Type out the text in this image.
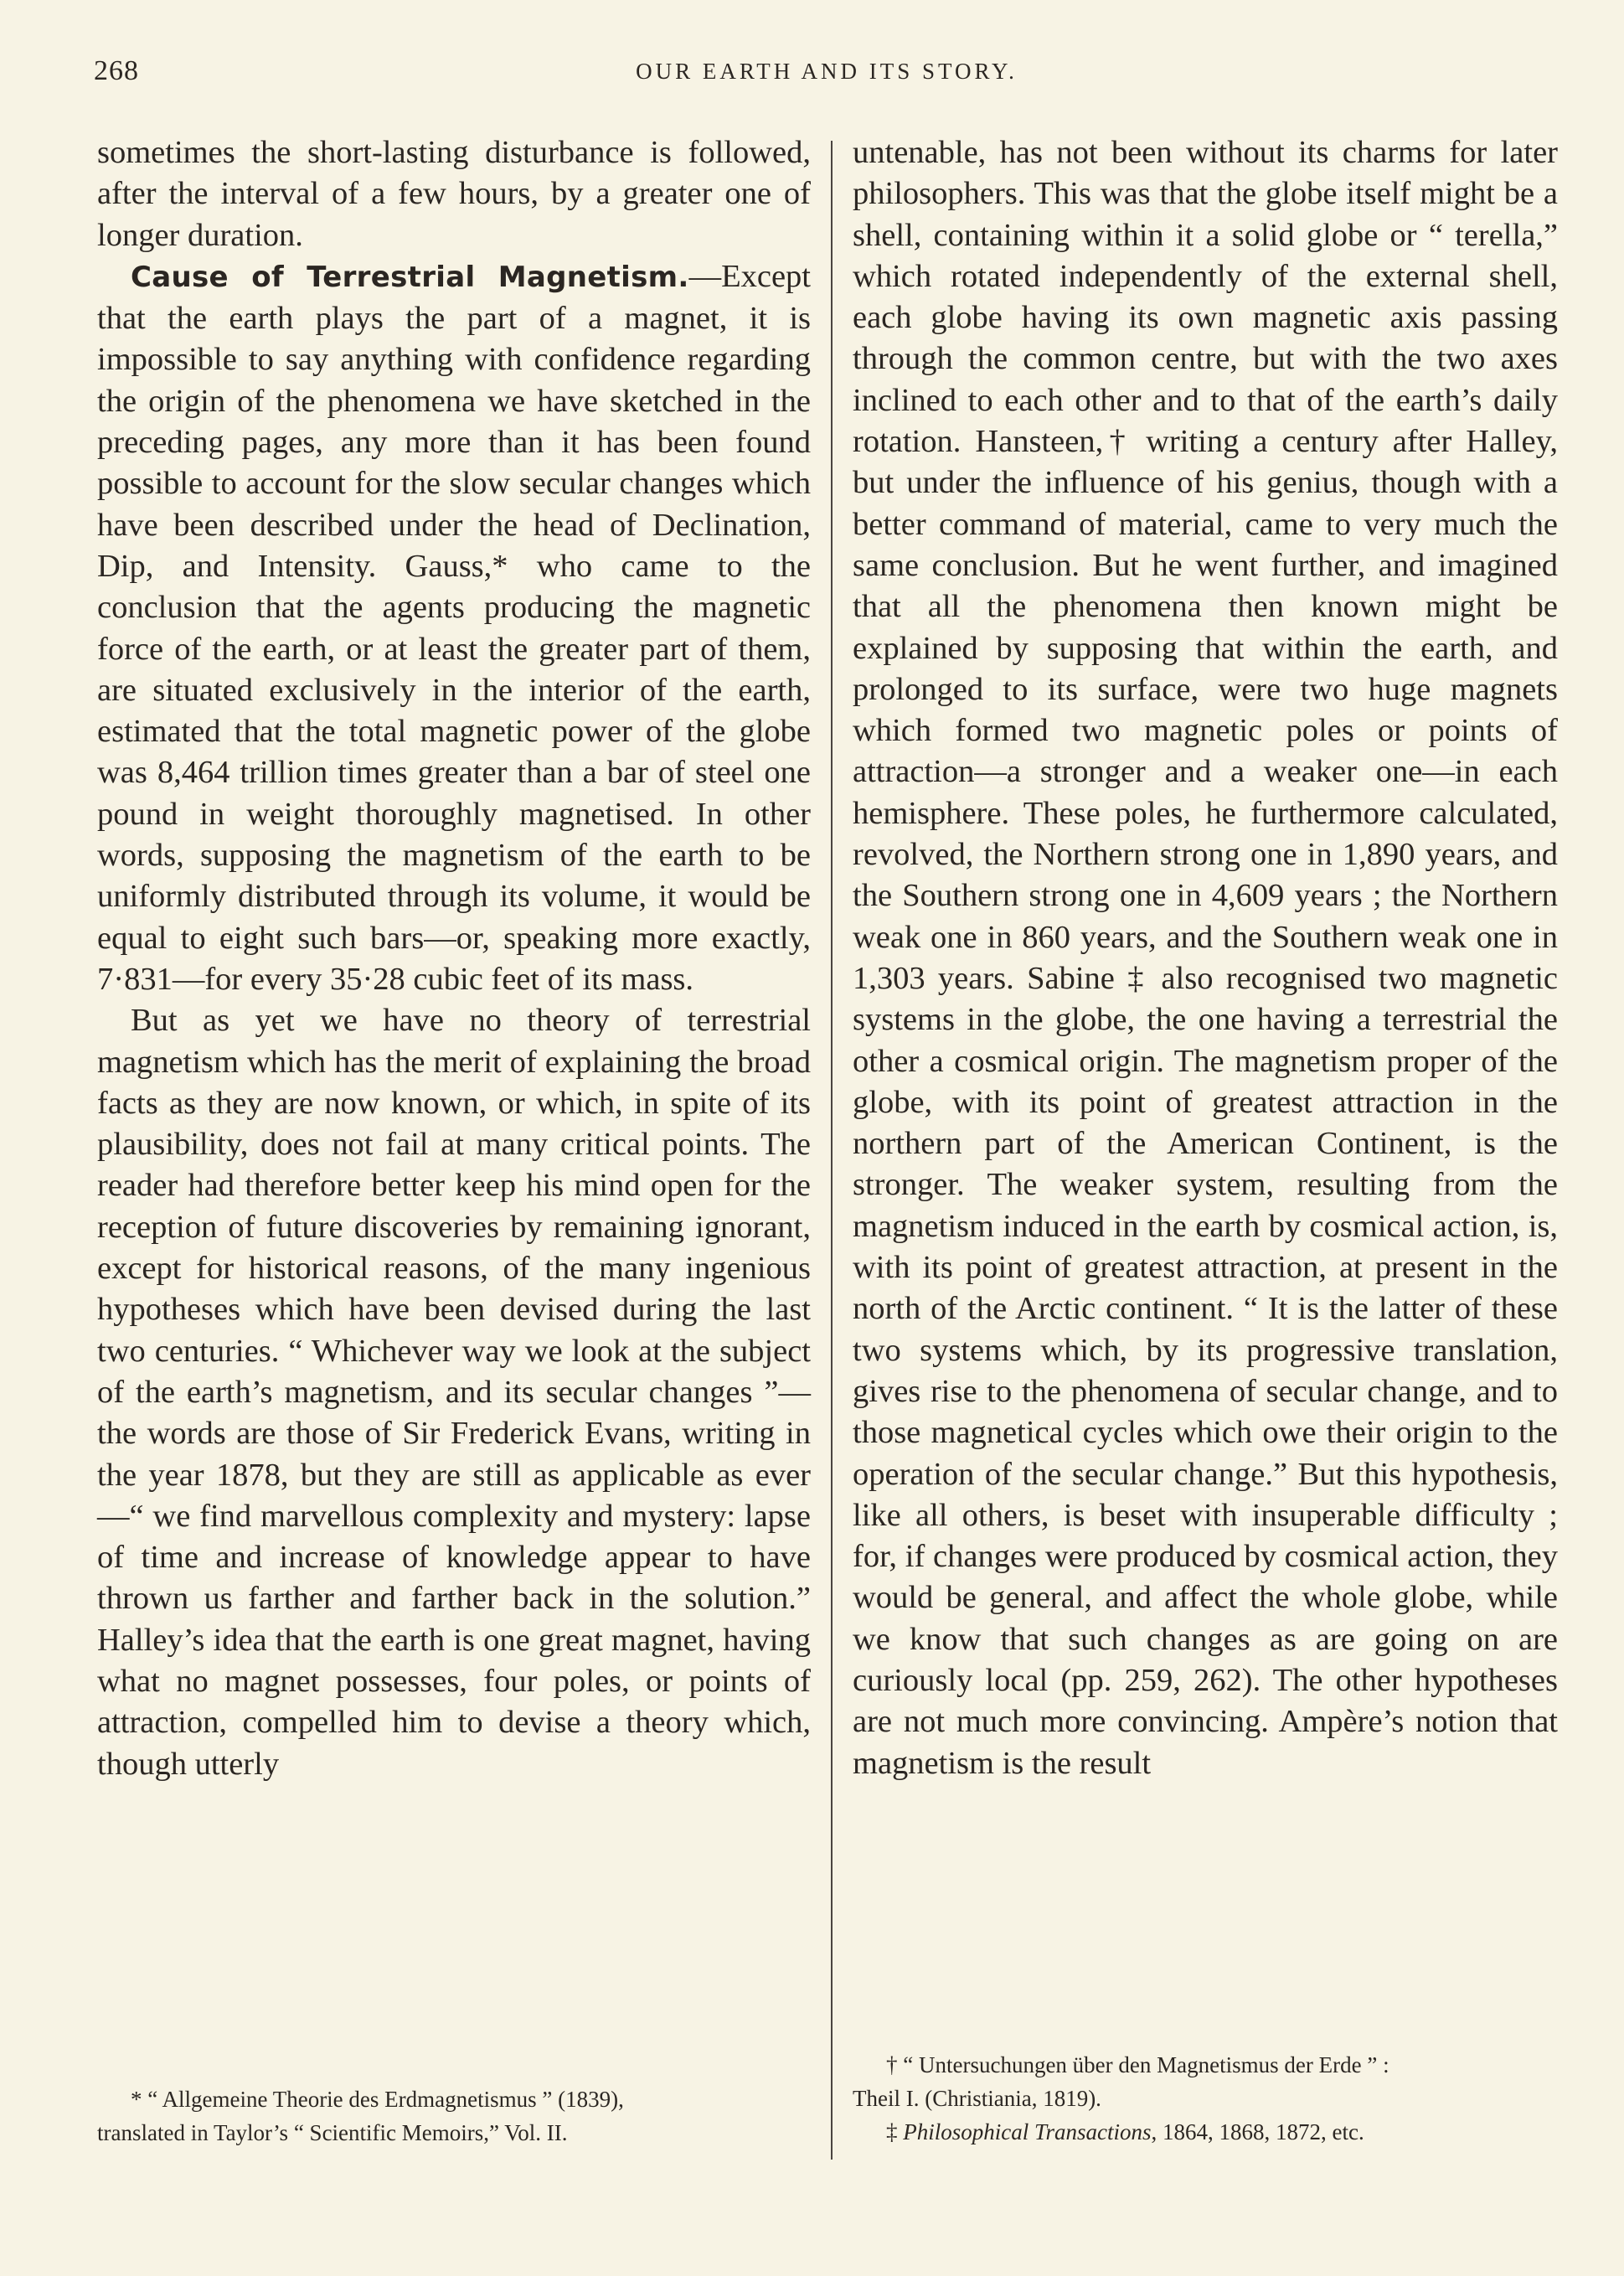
268	OUR EARTH AND ITS STORY.

sometimes the short-lasting disturbance is followed, after the interval of a few hours, by a greater one of longer duration.

Cause of Terrestrial Magnetism.—Except that the earth plays the part of a magnet, it is impossible to say anything with confidence regarding the origin of the phenomena we have sketched in the preceding pages, any more than it has been found possible to account for the slow secular changes which have been described under the head of Declination, Dip, and Intensity. Gauss,* who came to the conclusion that the agents producing the magnetic force of the earth, or at least the greater part of them, are situated exclusively in the interior of the earth, estimated that the total magnetic power of the globe was 8,464 trillion times greater than a bar of steel one pound in weight thoroughly magnetised. In other words, supposing the magnetism of the earth to be uniformly distributed through its volume, it would be equal to eight such bars—or, speaking more exactly, 7·831—for every 35·28 cubic feet of its mass.

But as yet we have no theory of terrestrial magnetism which has the merit of explaining the broad facts as they are now known, or which, in spite of its plausibility, does not fail at many critical points. The reader had therefore better keep his mind open for the reception of future discoveries by remaining ignorant, except for historical reasons, of the many ingenious hypotheses which have been devised during the last two centuries. “ Whichever way we look at the subject of the earth’s magnetism, and its secular changes ”—the words are those of Sir Frederick Evans, writing in the year 1878, but they are still as applicable as ever—“ we find marvellous complexity and mystery: lapse of time and increase of knowledge appear to have thrown us farther and farther back in the solution.” Halley’s idea that the earth is one great magnet, having what no magnet possesses, four poles, or points of attraction, compelled him to devise a theory which, though utterly

untenable, has not been without its charms for later philosophers. This was that the globe itself might be a shell, containing within it a solid globe or “ terella,” which rotated independently of the external shell, each globe having its own magnetic axis passing through the common centre, but with the two axes inclined to each other and to that of the earth’s daily rotation. Hansteen,† writing a century after Halley, but under the influence of his genius, though with a better command of material, came to very much the same conclusion. But he went further, and imagined that all the phenomena then known might be explained by supposing that within the earth, and prolonged to its surface, were two huge magnets which formed two magnetic poles or points of attraction—a stronger and a weaker one—in each hemisphere. These poles, he furthermore calculated, revolved, the Northern strong one in 1,890 years, and the Southern strong one in 4,609 years ; the Northern weak one in 860 years, and the Southern weak one in 1,303 years. Sabine ‡ also recognised two magnetic systems in the globe, the one having a terrestrial the other a cosmical origin. The magnetism proper of the globe, with its point of greatest attraction in the northern part of the American Continent, is the stronger. The weaker system, resulting from the magnetism induced in the earth by cosmical action, is, with its point of greatest attraction, at present in the north of the Arctic continent. “ It is the latter of these two systems which, by its progressive translation, gives rise to the phenomena of secular change, and to those magnetical cycles which owe their origin to the operation of the secular change.” But this hypothesis, like all others, is beset with insuperable difficulty ; for, if changes were produced by cosmical action, they would be general, and affect the whole globe, while we know that such changes as are going on are curiously local (pp. 259, 262). The other hypotheses are not much more convincing. Ampère’s notion that magnetism is the result

* “ Allgemeine Theorie des Erdmagnetismus ” (1839),

translated in Taylor’s “ Scientific Memoirs,” Vol. II.

† “ Untersuchungen über den Magnetismus der Erde ” :

Theil I. (Christiania, 1819).

‡ Philosophical Transactions, 1864, 1868, 1872, etc.
